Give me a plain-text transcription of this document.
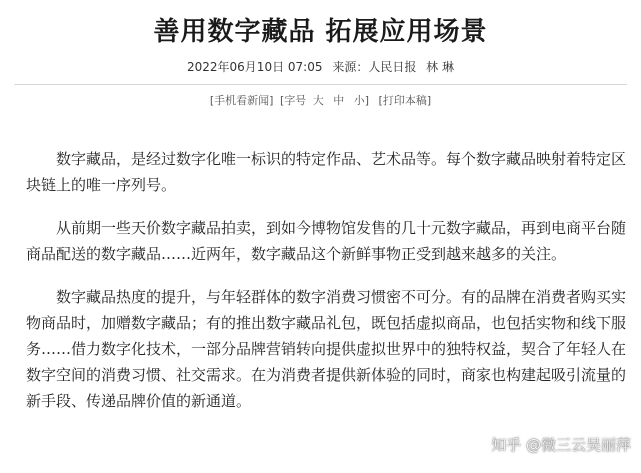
善用数字藏品 拓展应用场景
2022年06月10日 07:05 来源：人民日报 林 琳
[手机看新闻] [字号 大 中 小] [打印本稿]

数字藏品，是经过数字化唯一标识的特定作品、艺术品等。每个数字藏品映射着特定区块链上的唯一序列号。

从前期一些天价数字藏品拍卖，到如今博物馆发售的几十元数字藏品，再到电商平台随商品配送的数字藏品……近两年，数字藏品这个新鲜事物正受到越来越多的关注。

数字藏品热度的提升，与年轻群体的数字消费习惯密不可分。有的品牌在消费者购买实物商品时，加赠数字藏品；有的推出数字藏品礼包，既包括虚拟商品，也包括实物和线下服务……借力数字化技术，一部分品牌营销转向提供虚拟世界中的独特权益，契合了年轻人在数字空间的消费习惯、社交需求。在为消费者提供新体验的同时，商家也构建起吸引流量的新手段、传递品牌价值的新通道。

知乎 @微三云吴丽萍
